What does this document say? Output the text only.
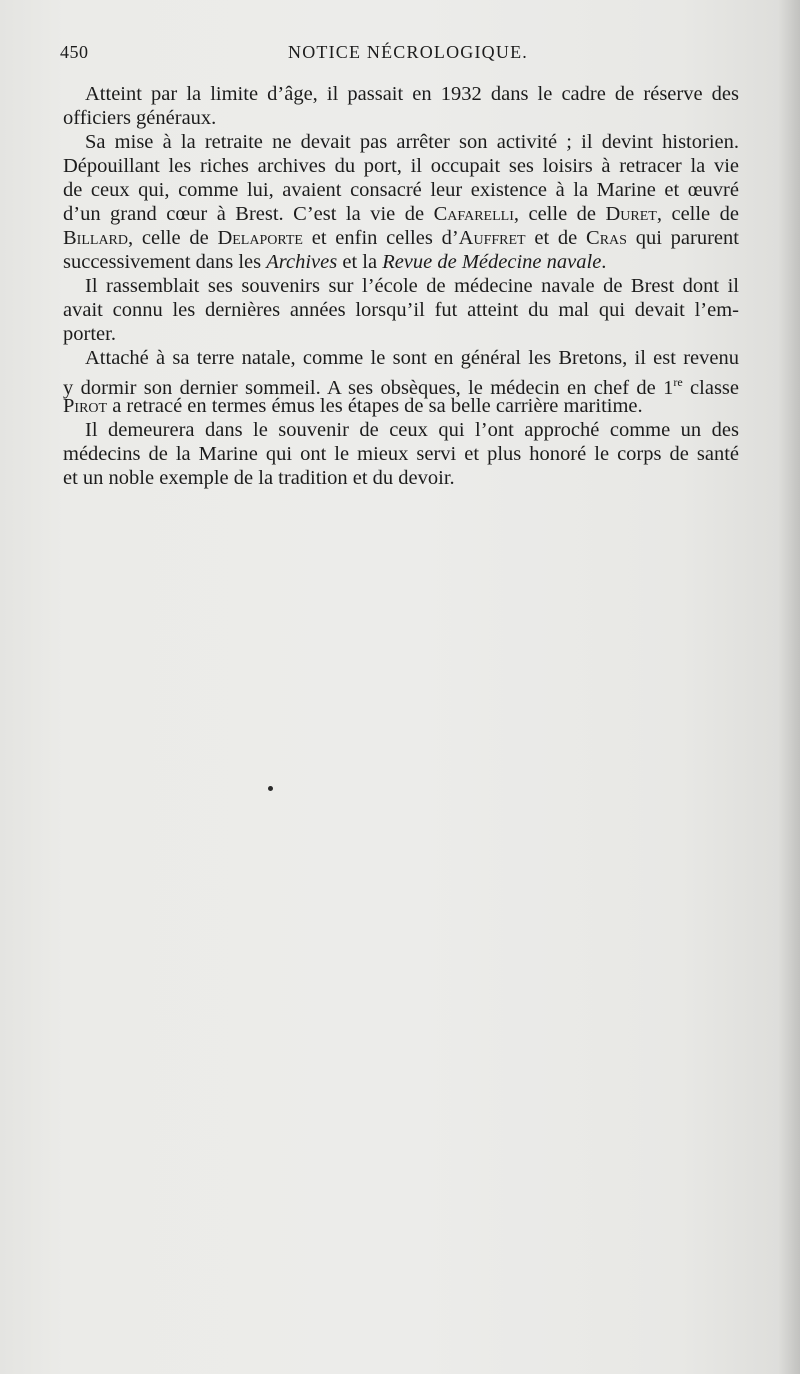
450	NOTICE NÉCROLOGIQUE.
Atteint par la limite d’âge, il passait en 1932 dans le cadre de réserve des
officiers généraux.
Sa mise à la retraite ne devait pas arrêter son activité ; il devint historien.
Dépouillant les riches archives du port, il occupait ses loisirs à retracer la vie
de ceux qui, comme lui, avaient consacré leur existence à la Marine et œuvré
d’un grand cœur à Brest. C’est la vie de Cafarelli, celle de Duret, celle de
Billard, celle de Delaporte et enfin celles d’Auffret et de Cras qui parurent
successivement dans les Archives et la Revue de Médecine navale.
Il rassemblait ses souvenirs sur l’école de médecine navale de Brest dont il
avait connu les dernières années lorsqu’il fut atteint du mal qui devait l’em-
porter.
Attaché à sa terre natale, comme le sont en général les Bretons, il est revenu
y dormir son dernier sommeil. A ses obsèques, le médecin en chef de 1re classe
Pirot a retracé en termes émus les étapes de sa belle carrière maritime.
Il demeurera dans le souvenir de ceux qui l’ont approché comme un des
médecins de la Marine qui ont le mieux servi et plus honoré le corps de santé
et un noble exemple de la tradition et du devoir.
